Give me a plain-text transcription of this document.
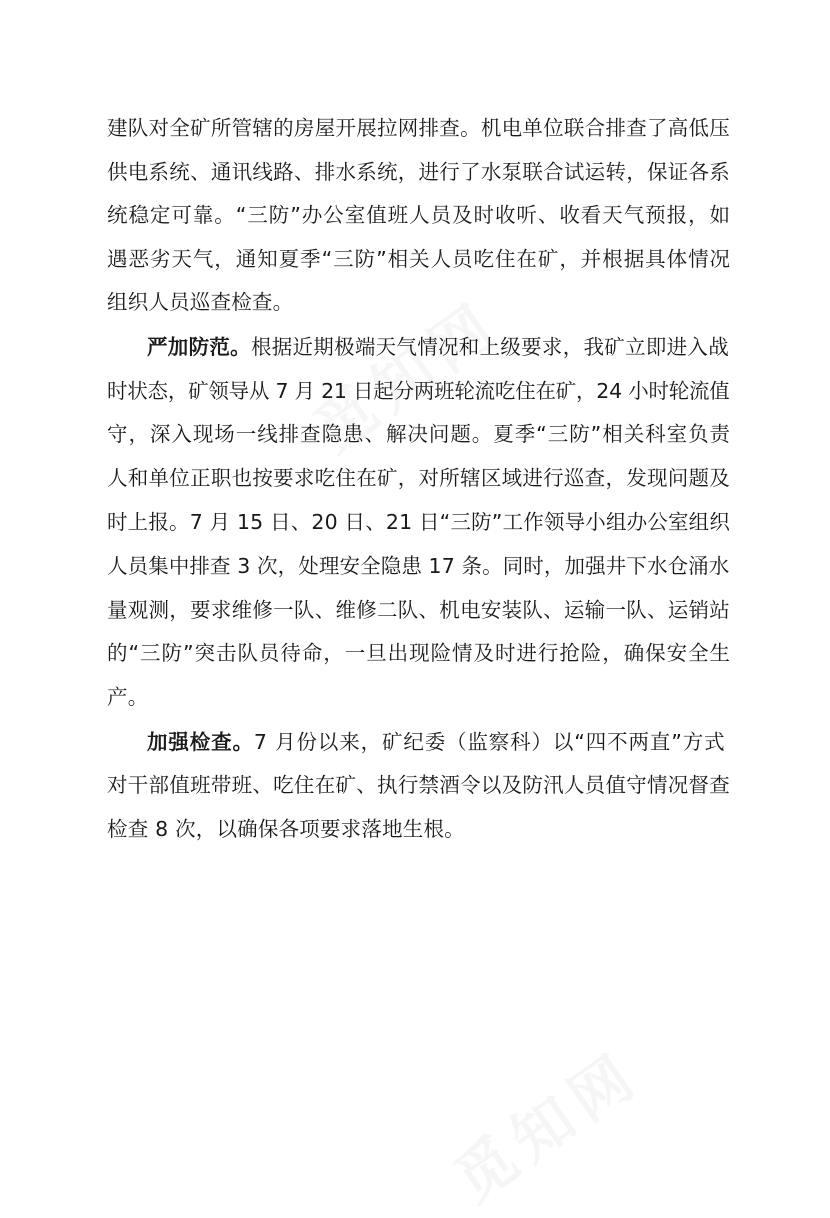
建队对全矿所管辖的房屋开展拉网排查。机电单位联合排查了高低压
供电系统、通讯线路、排水系统，进行了水泵联合试运转，保证各系
统稳定可靠。“三防”办公室值班人员及时收听、收看天气预报，如
遇恶劣天气，通知夏季“三防”相关人员吃住在矿，并根据具体情况
组织人员巡查检查。
严加防范。根据近期极端天气情况和上级要求，我矿立即进入战
时状态，矿领导从 7 月 21 日起分两班轮流吃住在矿，24 小时轮流值
守，深入现场一线排查隐患、解决问题。夏季“三防”相关科室负责
人和单位正职也按要求吃住在矿，对所辖区域进行巡查，发现问题及
时上报。7 月 15 日、20 日、21 日“三防”工作领导小组办公室组织
人员集中排查 3 次，处理安全隐患 17 条。同时，加强井下水仓涌水
量观测，要求维修一队、维修二队、机电安装队、运输一队、运销站
的“三防”突击队员待命，一旦出现险情及时进行抢险，确保安全生
产。
加强检查。7 月份以来，矿纪委（监察科）以“四不两直”方式
对干部值班带班、吃住在矿、执行禁酒令以及防汛人员值守情况督查
检查 8 次，以确保各项要求落地生根。
